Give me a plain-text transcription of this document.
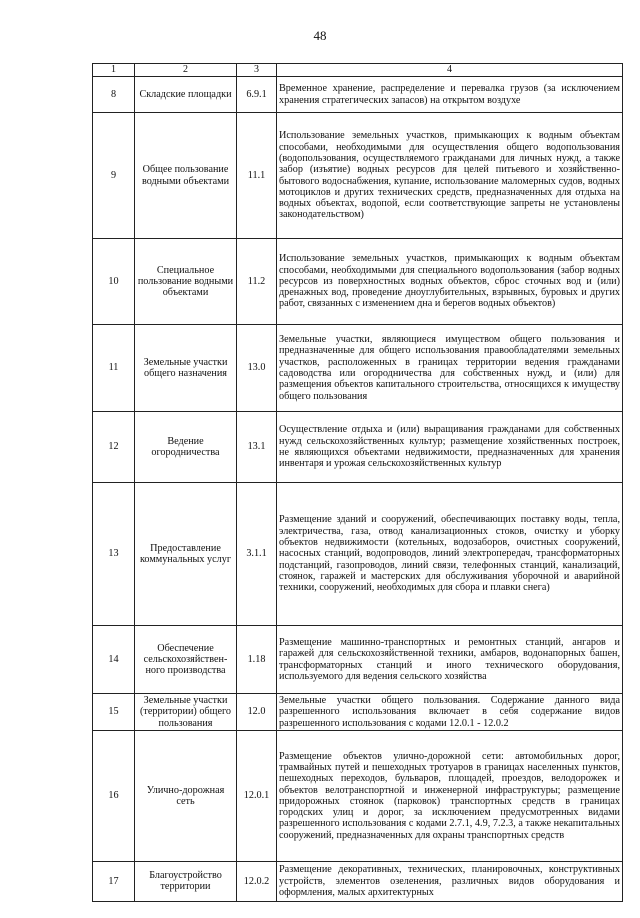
48
1	2	3	4
8	Складские площадки	6.9.1	Временное хранение, распределение и перевалка грузов (за исключением хранения стратегических запасов) на открытом воздухе
9	Общее пользование водными объектами	11.1	Использование земельных участков, примыкающих к водным объектам способами, необходимыми для осуществления общего водопользования (водопользования, осуществляемого гражданами для личных нужд, а также забор (изъятие) водных ресурсов для целей питьевого и хозяйственно-бытового водоснабжения, купание, использование маломерных судов, водных мотоциклов и других технических средств, предназначенных для отдыха на водных объектах, водопой, если соответствующие запреты не установлены законодательством)
10	Специальное пользование водными объектами	11.2	Использование земельных участков, примыкающих к водным объектам способами, необходимыми для специального водопользования (забор водных ресурсов из поверхностных водных объектов, сброс сточных вод и (или) дренажных вод, проведение дноуглубительных, взрывных, буровых и других работ, связанных с изменением дна и берегов водных объектов)
11	Земельные участки общего назначения	13.0	Земельные участки, являющиеся имуществом общего пользования и предназначенные для общего использования правообладателями земельных участков, расположенных в границах территории ведения гражданами садоводства или огородничества для собственных нужд, и (или) для размещения объектов капитального строительства, относящихся к имуществу общего пользования
12	Ведение огородничества	13.1	Осуществление отдыха и (или) выращивания гражданами для собственных нужд сельскохозяйственных культур; размещение хозяйственных построек, не являющихся объектами недвижимости, предназначенных для хранения инвентаря и урожая сельскохозяйственных культур
13	Предоставление коммунальных услуг	3.1.1	Размещение зданий и сооружений, обеспечивающих поставку воды, тепла, электричества, газа, отвод канализационных стоков, очистку и уборку объектов недвижимости (котельных, водозаборов, очистных сооружений, насосных станций, водопроводов, линий электропередач, трансформаторных подстанций, газопроводов, линий связи, телефонных станций, канализаций, стоянок, гаражей и мастерских для обслуживания уборочной и аварийной техники, сооружений, необходимых для сбора и плавки снега)
14	Обеспечение сельскохозяйствен-ного производства	1.18	Размещение машинно-транспортных и ремонтных станций, ангаров и гаражей для сельскохозяйственной техники, амбаров, водонапорных башен, трансформаторных станций и иного технического оборудования, используемого для ведения сельского хозяйства
15	Земельные участки (территории) общего пользования	12.0	Земельные участки общего пользования. Содержание данного вида разрешенного использования включает в себя содержание видов разрешенного использования с кодами 12.0.1 - 12.0.2
16	Улично-дорожная сеть	12.0.1	Размещение объектов улично-дорожной сети: автомобильных дорог, трамвайных путей и пешеходных тротуаров в границах населенных пунктов, пешеходных переходов, бульваров, площадей, проездов, велодорожек и объектов велотранспортной и инженерной инфраструктуры; размещение придорожных стоянок (парковок) транспортных средств в границах городских улиц и дорог, за исключением предусмотренных видами разрешенного использования с кодами 2.7.1, 4.9, 7.2.3, а также некапитальных сооружений, предназначенных для охраны транспортных средств
17	Благоустройство территории	12.0.2	Размещение декоративных, технических, планировочных, конструктивных устройств, элементов озеленения, различных видов оборудования и оформления, малых архитектурных
